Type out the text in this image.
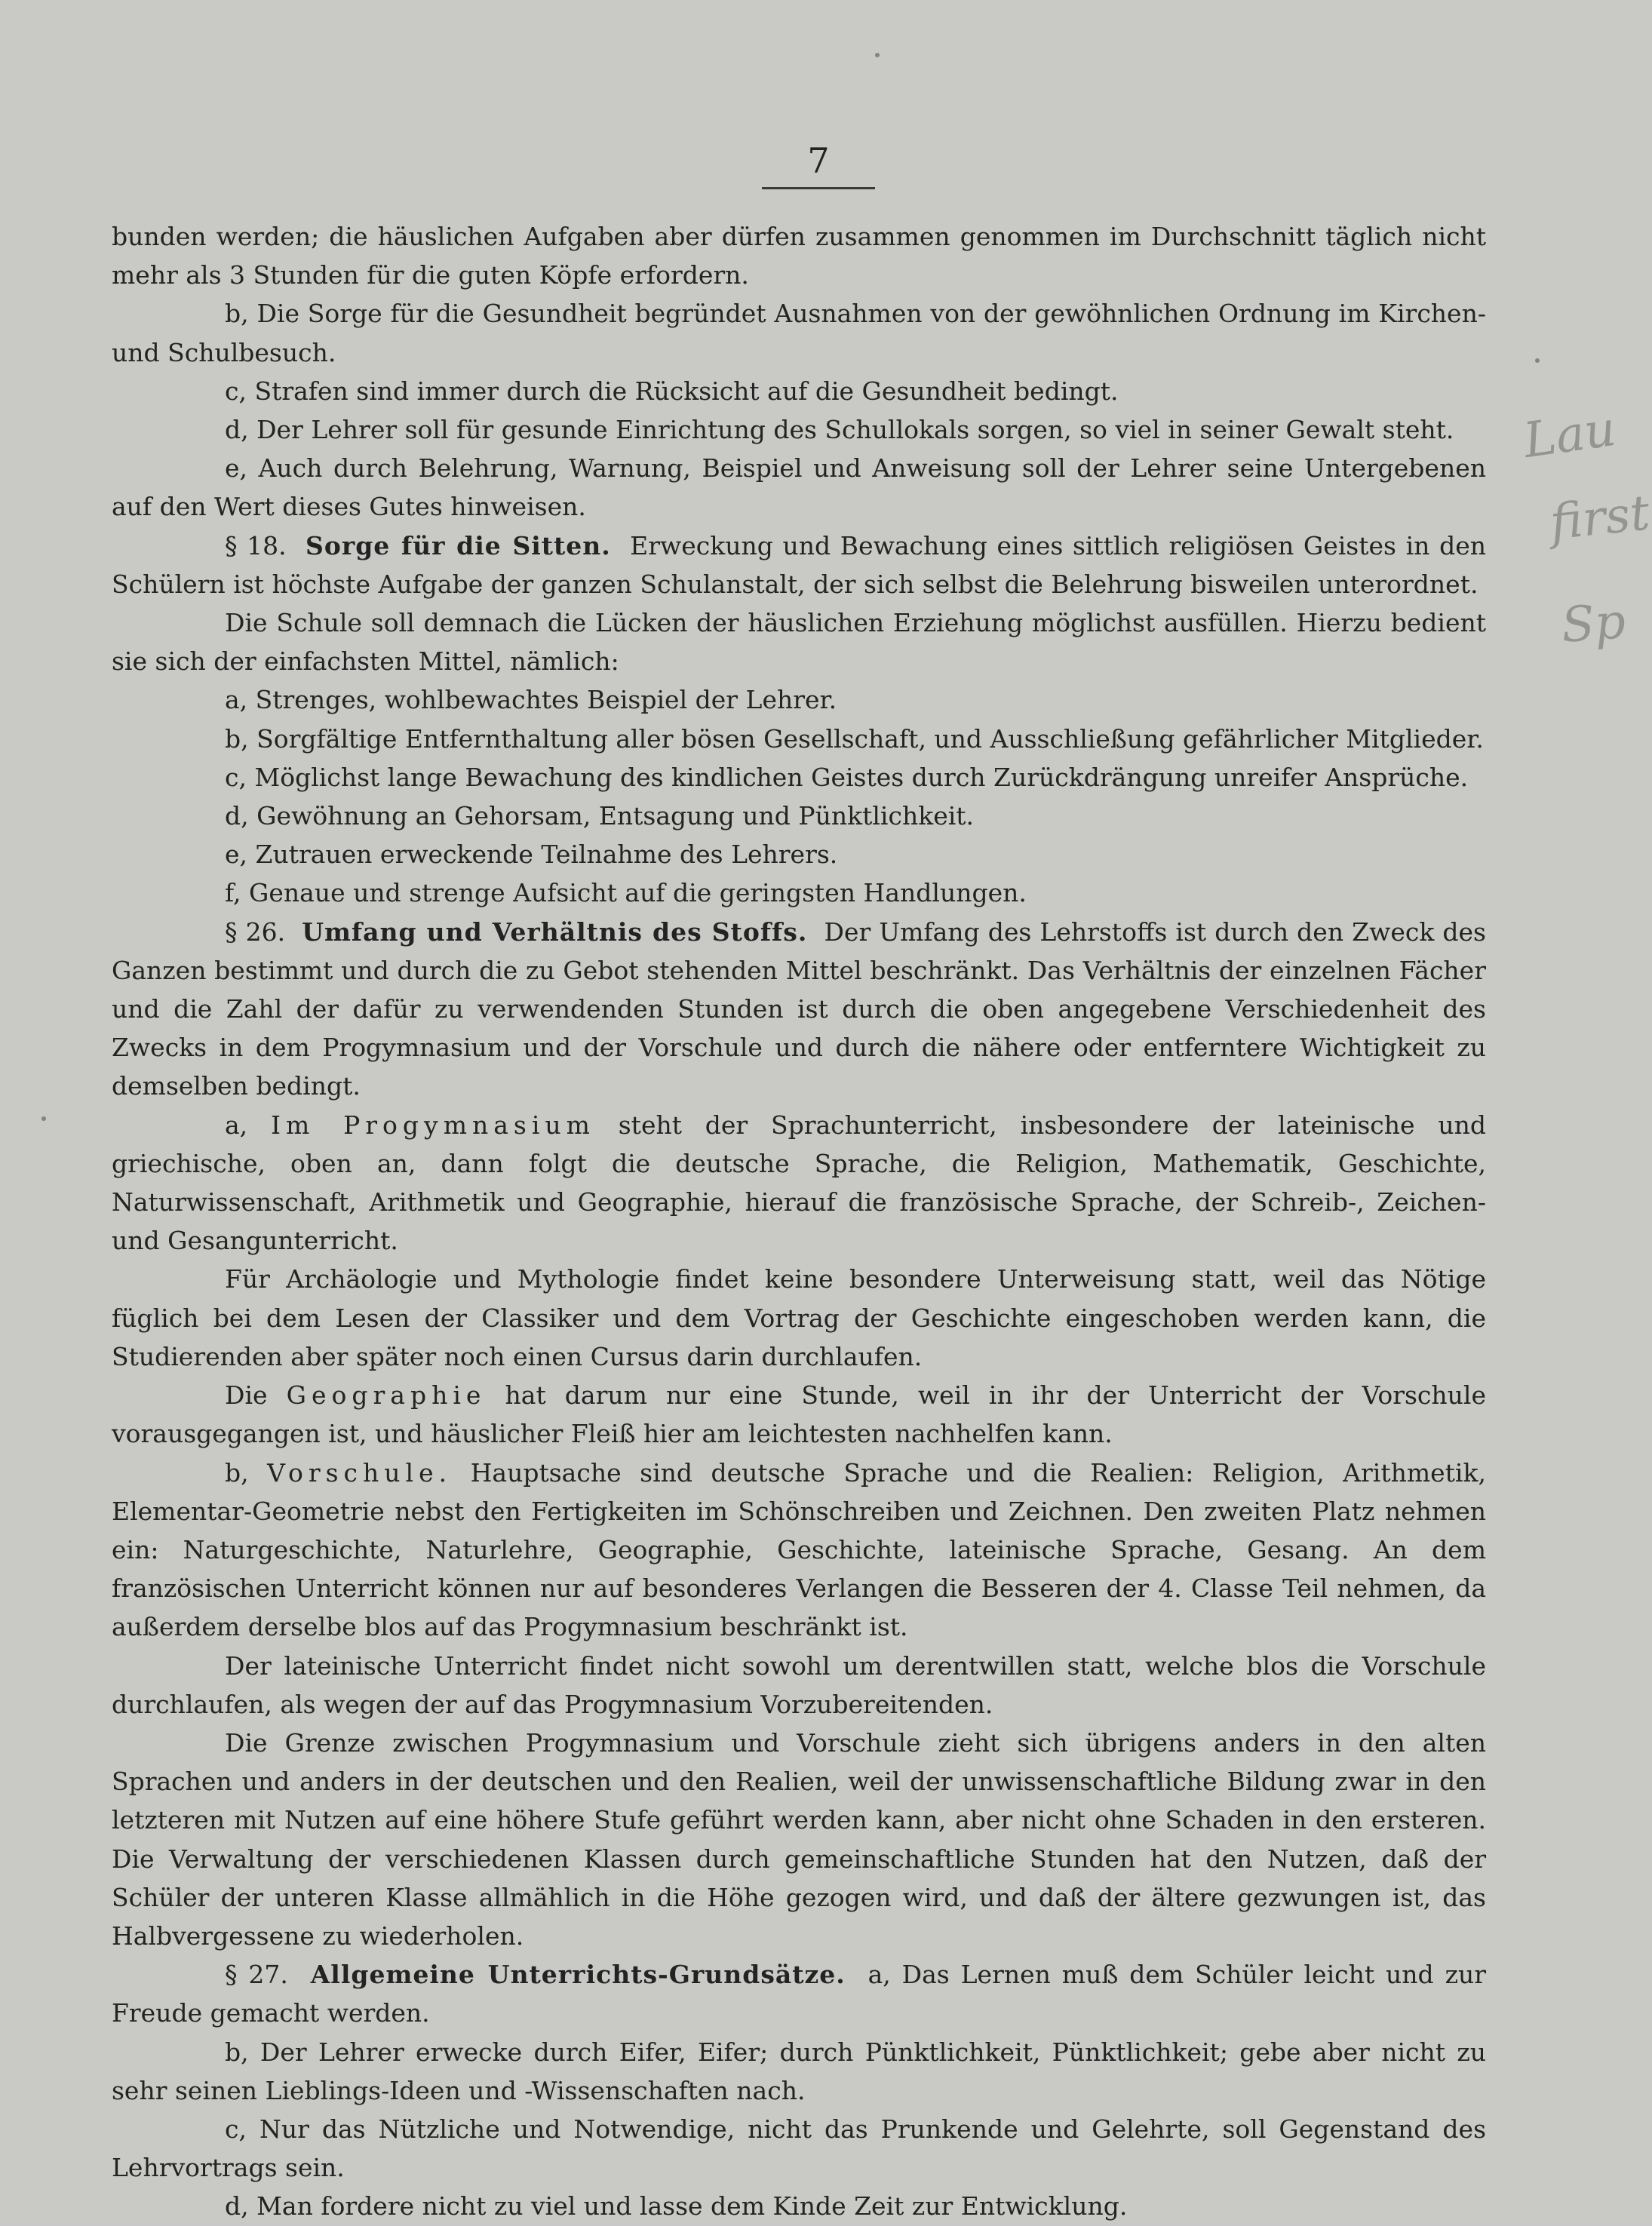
7

bunden werden; die häuslichen Aufgaben aber dürfen zusammen genommen im Durchschnitt täglich nicht mehr als 3 Stunden für die guten Köpfe erfordern.

b, Die Sorge für die Gesundheit begründet Ausnahmen von der gewöhnlichen Ordnung im Kirchen- und Schulbesuch.

c, Strafen sind immer durch die Rücksicht auf die Gesundheit bedingt.

d, Der Lehrer soll für gesunde Einrichtung des Schullokals sorgen, so viel in seiner Gewalt steht.

e, Auch durch Belehrung, Warnung, Beispiel und Anweisung soll der Lehrer seine Untergebenen auf den Wert dieses Gutes hinweisen.

§ 18. Sorge für die Sitten. Erweckung und Bewachung eines sittlich religiösen Geistes in den Schülern ist höchste Aufgabe der ganzen Schulanstalt, der sich selbst die Belehrung bisweilen unterordnet.

Die Schule soll demnach die Lücken der häuslichen Erziehung möglichst ausfüllen. Hierzu bedient sie sich der einfachsten Mittel, nämlich:

a, Strenges, wohlbewachtes Beispiel der Lehrer.

b, Sorgfältige Entfernthaltung aller bösen Gesellschaft, und Ausschließung gefährlicher Mitglieder.

c, Möglichst lange Bewachung des kindlichen Geistes durch Zurückdrängung unreifer Ansprüche.

d, Gewöhnung an Gehorsam, Entsagung und Pünktlichkeit.

e, Zutrauen erweckende Teilnahme des Lehrers.

f, Genaue und strenge Aufsicht auf die geringsten Handlungen.

§ 26. Umfang und Verhältnis des Stoffs. Der Umfang des Lehrstoffs ist durch den Zweck des Ganzen bestimmt und durch die zu Gebot stehenden Mittel beschränkt. Das Verhältnis der einzelnen Fächer und die Zahl der dafür zu verwendenden Stunden ist durch die oben angegebene Verschiedenheit des Zwecks in dem Progymnasium und der Vorschule und durch die nähere oder entferntere Wichtigkeit zu demselben bedingt.

a, Im Progymnasium steht der Sprachunterricht, insbesondere der lateinische und griechische, oben an, dann folgt die deutsche Sprache, die Religion, Mathematik, Geschichte, Naturwissenschaft, Arithmetik und Geographie, hierauf die französische Sprache, der Schreib-, Zeichen- und Gesangunterricht.

Für Archäologie und Mythologie findet keine besondere Unterweisung statt, weil das Nötige füglich bei dem Lesen der Classiker und dem Vortrag der Geschichte eingeschoben werden kann, die Studierenden aber später noch einen Cursus darin durchlaufen.

Die Geographie hat darum nur eine Stunde, weil in ihr der Unterricht der Vorschule vorausgegangen ist, und häuslicher Fleiß hier am leichtesten nachhelfen kann.

b, Vorschule. Hauptsache sind deutsche Sprache und die Realien: Religion, Arithmetik, Elementar-Geometrie nebst den Fertigkeiten im Schönschreiben und Zeichnen. Den zweiten Platz nehmen ein: Naturgeschichte, Naturlehre, Geographie, Geschichte, lateinische Sprache, Gesang. An dem französischen Unterricht können nur auf besonderes Verlangen die Besseren der 4. Classe Teil nehmen, da außerdem derselbe blos auf das Progymnasium beschränkt ist.

Der lateinische Unterricht findet nicht sowohl um derentwillen statt, welche blos die Vorschule durchlaufen, als wegen der auf das Progymnasium Vorzubereitenden.

Die Grenze zwischen Progymnasium und Vorschule zieht sich übrigens anders in den alten Sprachen und anders in der deutschen und den Realien, weil der unwissenschaftliche Bildung zwar in den letzteren mit Nutzen auf eine höhere Stufe geführt werden kann, aber nicht ohne Schaden in den ersteren. Die Verwaltung der verschiedenen Klassen durch gemeinschaftliche Stunden hat den Nutzen, daß der Schüler der unteren Klasse allmählich in die Höhe gezogen wird, und daß der ältere gezwungen ist, das Halbvergessene zu wiederholen.

§ 27. Allgemeine Unterrichts-Grundsätze. a, Das Lernen muß dem Schüler leicht und zur Freude gemacht werden.

b, Der Lehrer erwecke durch Eifer, Eifer; durch Pünktlichkeit, Pünktlichkeit; gebe aber nicht zu sehr seinen Lieblings-Ideen und -Wissenschaften nach.

c, Nur das Nützliche und Notwendige, nicht das Prunkende und Gelehrte, soll Gegenstand des Lehrvortrags sein.

d, Man fordere nicht zu viel und lasse dem Kinde Zeit zur Entwicklung.

Lau
first
Sp
